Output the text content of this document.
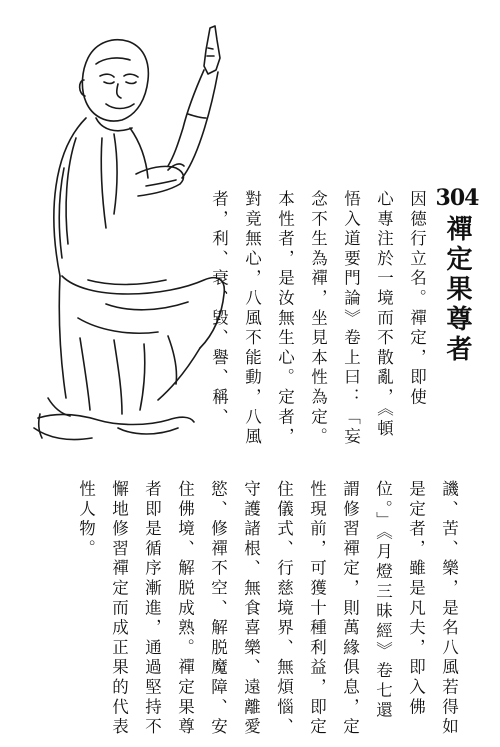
304
禪定果尊者
因德行立名。禪定，即使
心專注於一境而不散亂，《頓
悟入道要門論》卷上曰：「妄
念不生為禪，坐見本性為定。
本性者，是汝無生心。定者，
對竟無心，八風不能動，八風
者，利、衰、毀、譽、稱、
譏、苦、樂，是名八風若得如
是定者，雖是凡夫，即入佛
位。」《月燈三昧經》卷七還
謂修習禪定，則萬緣俱息，定
性現前，可獲十種利益，即定
住儀式、行慈境界、無煩惱、
守護諸根、無食喜樂、遠離愛
慾、修禪不空、解脱魔障、安
住佛境、解脱成熟。禪定果尊
者即是循序漸進，通過堅持不
懈地修習禪定而成正果的代表
性人物。
